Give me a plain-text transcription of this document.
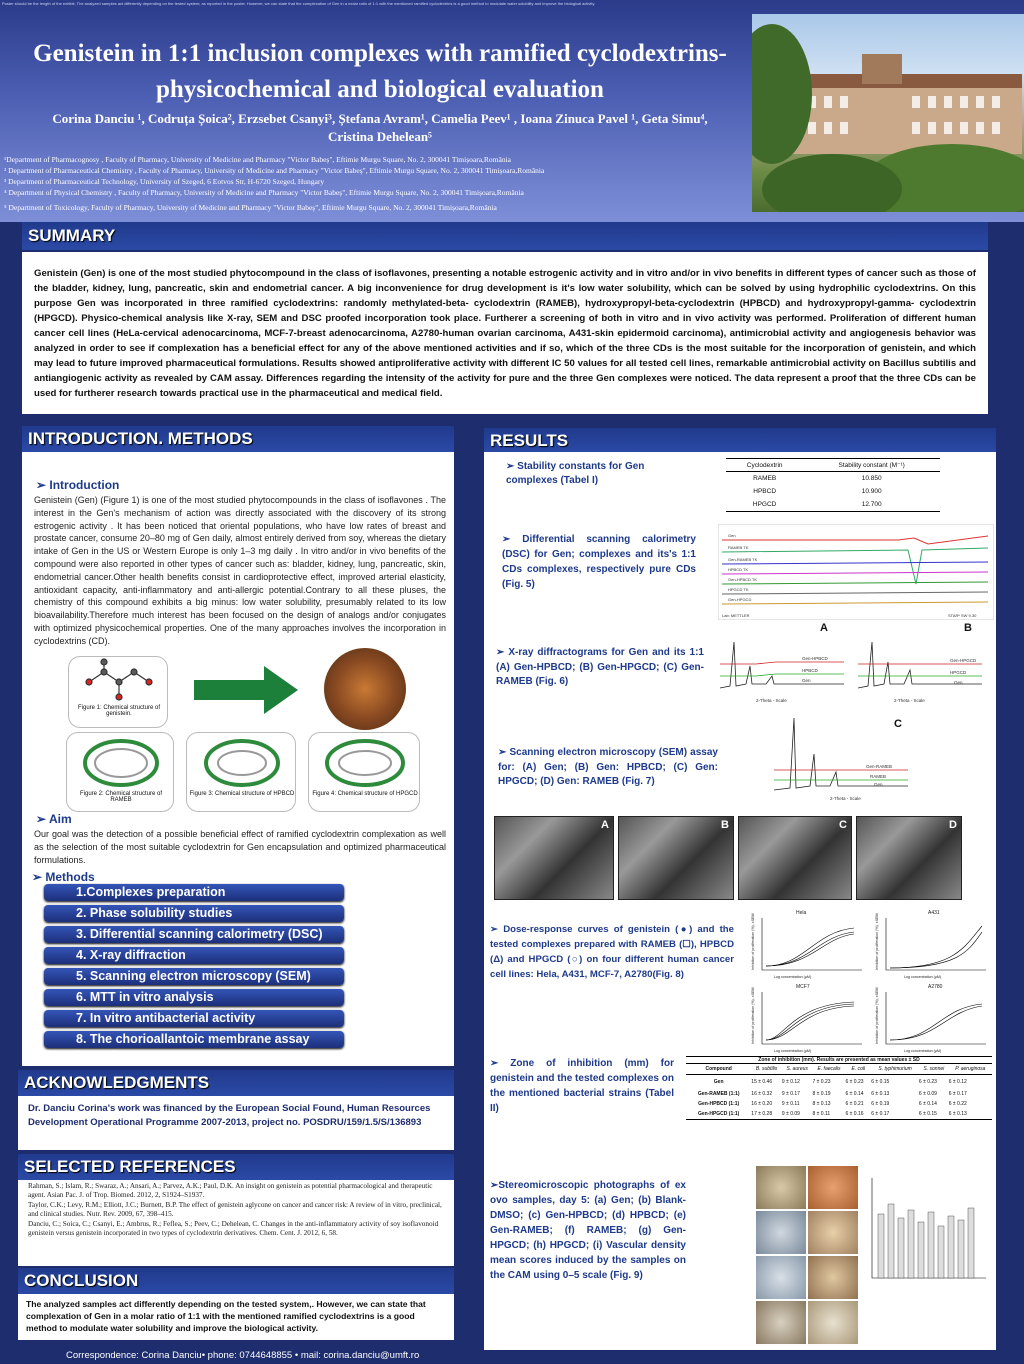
Poster should be the length of the exhibit; The analyzed samples act differently depending on the tested system; as reported in the poster. However, we can state that the complexation of Gen in a molar ratio of 1:1 with the mentioned ramified cyclodextrins is a good method to modulate water solubility and improve the biological activity.
Genistein in 1:1 inclusion complexes with ramified cyclodextrins-
physicochemical and biological evaluation
Corina Danciu ¹, Codruța Șoica², Erzsebet Csanyi³, Ștefana Avram¹, Camelia Peev¹ , Ioana Zinuca Pavel ¹, Geta Simu⁴,
Cristina Dehelean⁵
¹Department of Pharmacognosy , Faculty of Pharmacy, University of Medicine and Pharmacy "Victor Babeș", Eftimie Murgu Square, No. 2, 300041 Timișoara,România
² Department of Pharmaceutical Chemistry , Faculty of Pharmacy, University of Medicine and Pharmacy "Victor Babeș", Eftimie Murgu Square, No. 2, 300041 Timișoara,România
³ Department of Pharmaceutical Technology, University of Szeged, 6 Eotvos Str, H-6720 Szeged, Hungary
⁴ Department of Physical Chemistry , Faculty of Pharmacy, University of Medicine and Pharmacy "Victor Babeș", Eftimie Murgu Square, No. 2, 300041 Timișoara,România
⁵ Department of Toxicology, Faculty of Pharmacy, University of Medicine and Pharmacy "Victor Babeș", Eftimie Murgu Square, No. 2, 300041 Timișoara,România
SUMMARY
Genistein (Gen) is one of the most studied phytocompound in the class of isoflavones, presenting a notable estrogenic activity and in vitro and/or in vivo benefits in different types of cancer such as those of the bladder, kidney, lung, pancreatic, skin and endometrial cancer. A big inconvenience for drug development is it's low water solubility, which can be solved by using hydrophilic cyclodextrins. On this purpose Gen was incorporated in three ramified cyclodextrins: randomly methylated-beta- cyclodextrin (RAMEB), hydroxypropyl-beta-cyclodextrin (HPBCD) and hydroxypropyl-gamma- cyclodextrin (HPGCD). Physico-chemical analysis like X-ray, SEM and DSC proofed incorporation took place. Furtherer a screening of both in vitro and in vivo activity was performed. Proliferation of different human cancer cell lines (HeLa-cervical adenocarcinoma, MCF-7-breast adenocarcinoma, A2780-human ovarian carcinoma, A431-skin epidermoid carcinoma), antimicrobial activity and angiogenesis behavior was analyzed in order to see if complexation has a beneficial effect for any of the above mentioned activities and if so, which of the three CDs is the most suitable for the incorporation of genistein, and which may lead to future improved pharmaceutical formulations. Results showed antiproliferative activity with different IC 50 values for all tested cell lines, remarkable antimicrobial activity on Bacillus subtilis and antiangiogenic activity as revealed by CAM assay. Differences regarding the intensity of the activity for pure and the three Gen complexes were noticed. The data represent a proof that the three CDs can be used for furtherer research towards practical use in the pharmaceutical and medical field.
INTRODUCTION. METHODS
➢ Introduction
Genistein (Gen) (Figure 1) is one of the most studied phytocompounds in the class of isoflavones . The interest in the Gen's mechanism of action was directly associated with the discovery of its strong estrogenic activity . It has been noticed that oriental populations, who have low rates of breast and prostate cancer, consume 20–80 mg of Gen daily, almost entirely derived from soy, whereas the dietary intake of Gen in the US or Western Europe is only 1–3 mg daily . In vitro and/or in vivo benefits of the compound were also reported in other types of cancer such as: bladder, kidney, lung, pancreatic, skin, endometrial cancer.Other health benefits consist in cardioprotective effect, improved arterial elasticity, antioxidant capacity, anti-inflammatory and anti-allergic potential.Contrary to all these pluses, the chemistry of this compound exhibits a big minus: low water solubility, presumably related to its low bioavailability.Therefore much interest has been focused on the design of analogs and/or conjugates with optimized physicochemical properties. One of the many approaches involves the incorporation in cyclodextrins (CD).
Figure 1: Chemical structure of genistein.
Figure 2: Chemical structure of RAMEB
Figure 3: Chemical structure of HPBCD	Figure 4: Chemical structure of HPGCD
➢ Aim
Our goal was the detection of a possible beneficial effect of ramified cyclodextrin complexation as well as the selection of the most suitable cyclodextrin for Gen encapsulation and optimized pharmaceutical formulations.
➢ Methods
1.Complexes preparation
2. Phase solubility studies
3. Differential scanning calorimetry (DSC)
4. X-ray diffraction
5. Scanning electron microscopy (SEM)
6. MTT in vitro analysis
7. In vitro antibacterial activity
8. The chorioallantoic membrane assay (CAM )
ACKNOWLEDGMENTS
Dr. Danciu Corina's work was financed by the European Social Found, Human Resources Development Operational Programme 2007-2013, project no. POSDRU/159/1.5/S/136893
SELECTED REFERENCES
Rahman, S.; Islam, R.; Swaraz, A.; Ansari, A.; Parvez, A.K.; Paul, D.K. An insight on genistein as potential pharmacological and therapeutic agent. Asian Pac. J. of Trop. Biomed. 2012, 2, S1924–S1937.
Taylor, C.K.; Levy, R.M.; Elliott, J.C.; Burnett, B.P. The effect of genistein aglycone on cancer and cancer risk: A review of in vitro, preclinical, and clinical studies. Nutr. Rev. 2009, 67, 398–415.
Danciu, C.; Soica, C.; Csanyi, E.; Ambrus, R.; Feflea, S.; Peev, C.; Dehelean, C. Changes in the anti-inflammatory activity of soy isoflavonoid genistein versus genistein incorporated in two types of cyclodextrin derivatives. Chem. Cent. J. 2012, 6, 58.
CONCLUSION
The analyzed samples act differently depending on the tested system,. However, we can state that complexation of Gen in a molar ratio of 1:1 with the mentioned ramified cyclodextrins is a good method to modulate water solubility and improve the biological activity.
RESULTS
➢ Stability constants for Gen complexes (Tabel I)
Cyclodextrin	Stability constant (M⁻¹)
RAMEB	10.850
HPBCD	10.900
HPGCD	12.700
➢ Differential scanning calorimetry (DSC) for Gen; complexes and its's 1:1 CDs complexes, respectively pure CDs (Fig. 5)
Gen
RAMEB TK
Gen-RAMEB TK
HPBCD TK
Gen-HPBCD TK
HPGCD TK
Gen-HPGCD
Lab: METTLER	STARᵉ SW 9.30
➢ X-ray diffractograms for Gen and its 1:1 (A) Gen-HPBCD; (B) Gen-HPGCD; (C) Gen-RAMEB (Fig. 6)
A	B
Gen-HPBCD
HPBCD
Gen
2-Theta - Scale
Gen-HPGCD
HPGCD
Gen
2-Theta - Scale
C
Gen-RAMEB
RAMEB
Gen
2-Theta - Scale
➢ Scanning electron microscopy (SEM) assay for: (A) Gen; (B) Gen: HPBCD; (C) Gen: HPGCD; (D) Gen: RAMEB (Fig. 7)
A	B	C	D
➢ Dose-response curves of genistein (●) and the tested complexes prepared with RAMEB (☐), HPBCD (Δ) and HPGCD (○) on four different human cancer cell lines: Hela, A431, MCF-7, A2780(Fig. 8)
Hela	A431
MCF7	A2780
Log concentration (μM)	Log concentration (μM)
Log concentration (μM)	Log concentration (μM)
Inhibition of proliferation (%), ±SEM	Inhibition of proliferation (%), ±SEM
Inhibition of proliferation (%), ±SEM	Inhibition of proliferation (%), ±SEM
➢ Zone of inhibition (mm) for genistein and the tested complexes on the mentioned bacterial strains (Tabel II)
Zone of inhibition (mm). Results are presented as mean values ± SD							
Compound	B. subtilis	S. aureus	E. faecalis	E. coli	S. typhimurium	S. sonnei	P. aeruginosa
Gen	15 ± 0.46	9 ± 0.12	7 ± 0.23	6 ± 0.23	6 ± 0.15	6 ± 0.23	6 ± 0.12
Gen-RAMEB (1:1)	16 ± 0.32	9 ± 0.17	8 ± 0.19	6 ± 0.14	6 ± 0.13	6 ± 0.09	6 ± 0.17
Gen-HPBCD (1:1)	16 ± 0.20	9 ± 0.11	8 ± 0.13	6 ± 0.21	6 ± 0.19	6 ± 0.14	6 ± 0.22
Gen-HPGCD (1:1)	17 ± 0.28	9 ± 0.09	8 ± 0.11	6 ± 0.16	6 ± 0.17	6 ± 0.15	6 ± 0.13
➢Stereomicroscopic photographs of ex ovo samples, day 5: (a) Gen; (b) Blank-DMSO; (c) Gen-HPBCD; (d) HPBCD; (e) Gen-RAMEB; (f) RAMEB; (g) Gen-HPGCD; (h) HPGCD; (i) Vascular density mean scores induced by the samples on the CAM using 0–5 scale (Fig. 9)
Correspondence: Corina Danciu• phone: 0744648855 • mail: corina.danciu@umft.ro
